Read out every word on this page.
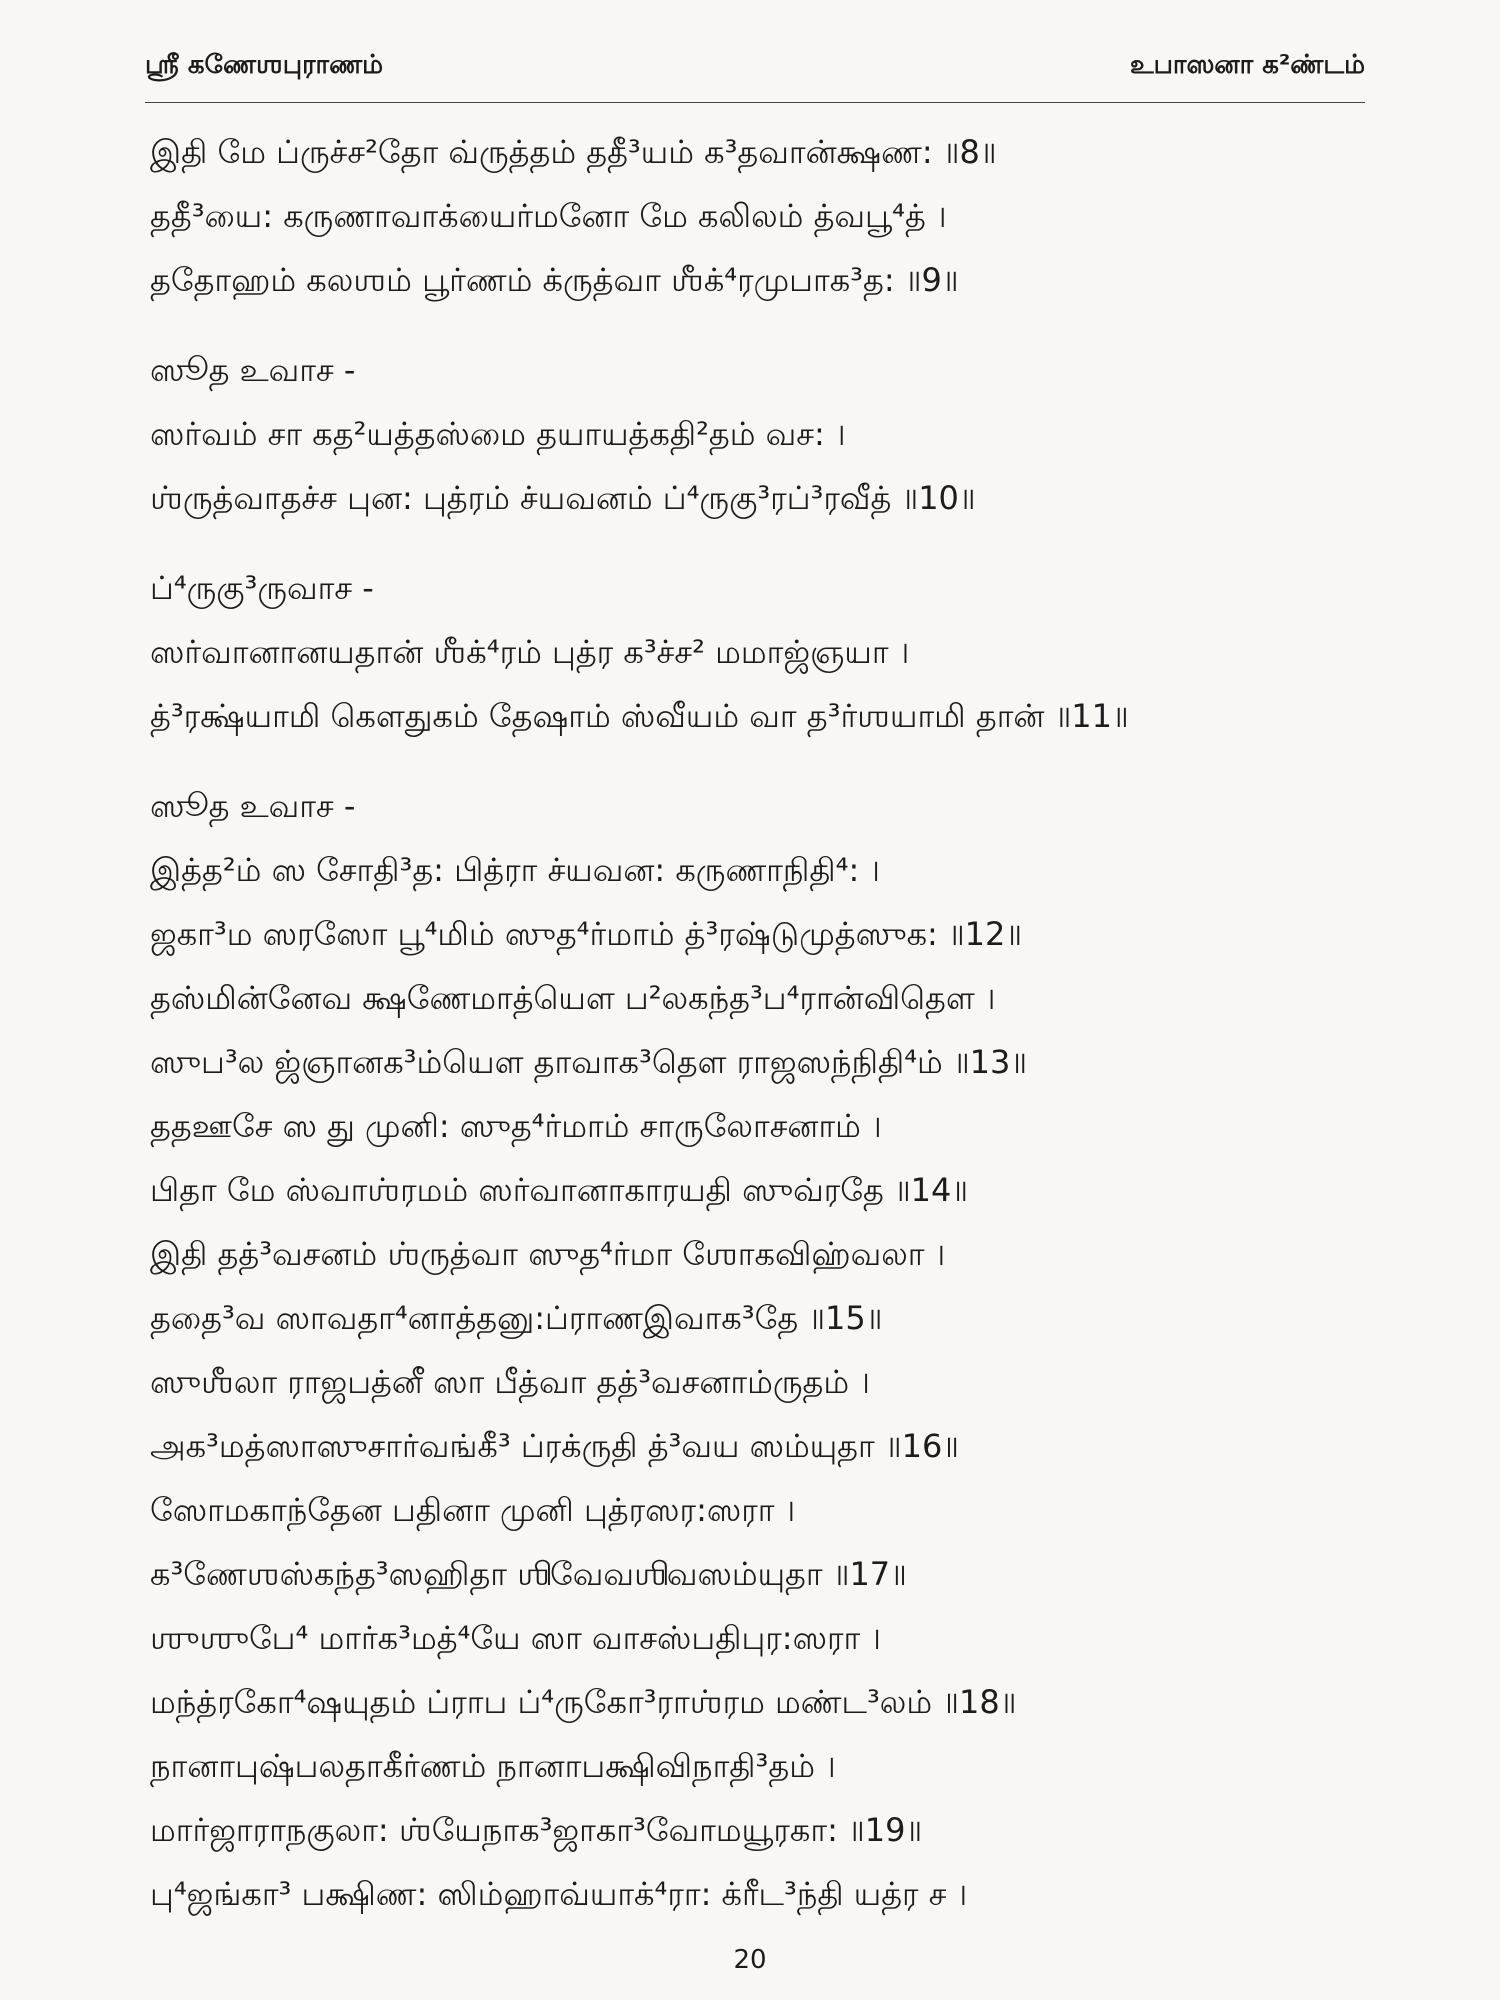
ஸ்ரீ கணேஶபுராணம்	உபாஸனா க²ண்டம்
இதி மே ப்ருச்ச²தோ வ்ருத்தம் ததீ³யம் க³தவான்க்ஷண꞉ ॥8॥
ததீ³யை꞉ கருணாவாக்யைர்மனோ மே கலிலம் த்வபூ⁴த் ।
ததோஹம் கலஶம் பூர்ணம் க்ருத்வா ஶீக்⁴ரமுபாக³த꞉ ॥9॥
ஸூத உவாச -
ஸர்வம் சா கத²யத்தஸ்மை தயாயத்கதி²தம் வச꞉ ।
ஶ்ருத்வாதச்ச புன꞉ புத்ரம் ச்யவனம் ப்⁴ருகு³ரப்³ரவீத் ॥10॥
ப்⁴ருகு³ருவாச -
ஸர்வானானயதான் ஶீக்⁴ரம் புத்ர க³ச்ச² மமாஜ்ஞயா ।
த்³ரக்ஷ்யாமி கௌதுகம் தேஷாம் ஸ்வீயம் வா த³ர்ஶயாமி தான் ॥11॥
ஸூத உவாச -
இத்த²ம் ஸ சோதி³த꞉ பித்ரா ச்யவன꞉ கருணாநிதி⁴꞉ ।
ஜகா³ம ஸரஸோ பூ⁴மிம் ஸுத⁴ர்மாம் த்³ரஷ்டுமுத்ஸுக꞉ ॥12॥
தஸ்மின்னேவ க்ஷணேமாத்யௌ ப²லகந்த³ப⁴ரான்விதௌ ।
ஸுப³ல ஜ்ஞானக³ம்யௌ தாவாக³தௌ ராஜஸந்நிதி⁴ம் ॥13॥
ததஊசே ஸ து முனி꞉ ஸுத⁴ர்மாம் சாருலோசனாம் ।
பிதா மே ஸ்வாஶ்ரமம் ஸர்வானாகாரயதி ஸுவ்ரதே ॥14॥
இதி தத்³வசனம் ஶ்ருத்வா ஸுத⁴ர்மா ஶோகவிஹ்வலா ।
ததை³வ ஸாவதா⁴னாத்தனு꞉ப்ராணஇவாக³தே ॥15॥
ஸுஶீலா ராஜபத்னீ ஸா பீத்வா தத்³வசனாம்ருதம் ।
அக³மத்ஸாஸுசார்வங்கீ³ ப்ரக்ருதி த்³வய ஸம்யுதா ॥16॥
ஸோமகாந்தேன பதினா முனி புத்ரஸர꞉ஸரா ।
க³ணேஶஸ்கந்த³ஸஹிதா ஶிவேவஶிவஸம்யுதா ॥17॥
ஶுஶுபே⁴ மார்க³மத்⁴யே ஸா வாசஸ்பதிபுர꞉ஸரா ।
மந்த்ரகோ⁴ஷயுதம் ப்ராப ப்⁴ருகோ³ராஶ்ரம மண்ட³லம் ॥18॥
நானாபுஷ்பலதாகீர்ணம் நானாபக்ஷிவிநாதி³தம் ।
மார்ஜாராநகுலா꞉ ஶ்யேநாக³ஜாகா³வோமயூரகா꞉ ॥19॥
பு⁴ஜங்கா³ பக்ஷிண꞉ ஸிம்ஹாவ்யாக்⁴ரா꞉ க்ரீட³ந்தி யத்ர ச ।
20
